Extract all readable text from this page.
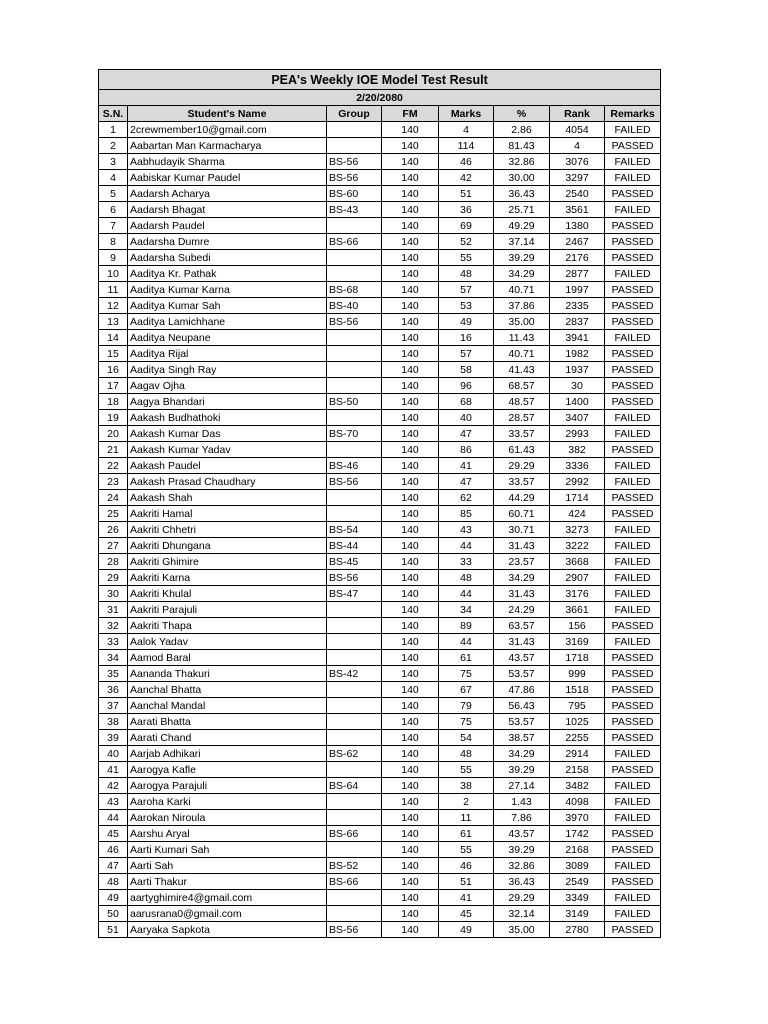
PEA's Weekly IOE Model Test Result							
2/20/2080							
S.N.	Student's Name	Group	FM	Marks	%	Rank	Remarks
1	2crewmember10@gmail.com		140	4	2.86	4054	FAILED
2	Aabartan Man Karmacharya		140	114	81.43	4	PASSED
3	Aabhudayik Sharma	BS-56	140	46	32.86	3076	FAILED
4	Aabiskar Kumar Paudel	BS-56	140	42	30.00	3297	FAILED
5	Aadarsh Acharya	BS-60	140	51	36.43	2540	PASSED
6	Aadarsh Bhagat	BS-43	140	36	25.71	3561	FAILED
7	Aadarsh Paudel		140	69	49.29	1380	PASSED
8	Aadarsha Dumre	BS-66	140	52	37.14	2467	PASSED
9	Aadarsha Subedi		140	55	39.29	2176	PASSED
10	Aaditya Kr. Pathak		140	48	34.29	2877	FAILED
11	Aaditya Kumar Karna	BS-68	140	57	40.71	1997	PASSED
12	Aaditya Kumar Sah	BS-40	140	53	37.86	2335	PASSED
13	Aaditya Lamichhane	BS-56	140	49	35.00	2837	PASSED
14	Aaditya Neupane		140	16	11.43	3941	FAILED
15	Aaditya Rijal		140	57	40.71	1982	PASSED
16	Aaditya Singh Ray		140	58	41.43	1937	PASSED
17	Aagav Ojha		140	96	68.57	30	PASSED
18	Aagya Bhandari	BS-50	140	68	48.57	1400	PASSED
19	Aakash Budhathoki		140	40	28.57	3407	FAILED
20	Aakash Kumar Das	BS-70	140	47	33.57	2993	FAILED
21	Aakash Kumar Yadav		140	86	61.43	382	PASSED
22	Aakash Paudel	BS-46	140	41	29.29	3336	FAILED
23	Aakash Prasad Chaudhary	BS-56	140	47	33.57	2992	FAILED
24	Aakash Shah		140	62	44.29	1714	PASSED
25	Aakriti Hamal		140	85	60.71	424	PASSED
26	Aakriti Chhetri	BS-54	140	43	30.71	3273	FAILED
27	Aakriti Dhungana	BS-44	140	44	31.43	3222	FAILED
28	Aakriti Ghimire	BS-45	140	33	23.57	3668	FAILED
29	Aakriti Karna	BS-56	140	48	34.29	2907	FAILED
30	Aakriti Khulal	BS-47	140	44	31.43	3176	FAILED
31	Aakriti Parajuli		140	34	24.29	3661	FAILED
32	Aakriti Thapa		140	89	63.57	156	PASSED
33	Aalok Yadav		140	44	31.43	3169	FAILED
34	Aamod Baral		140	61	43.57	1718	PASSED
35	Aananda Thakuri	BS-42	140	75	53.57	999	PASSED
36	Aanchal Bhatta		140	67	47.86	1518	PASSED
37	Aanchal Mandal		140	79	56.43	795	PASSED
38	Aarati Bhatta		140	75	53.57	1025	PASSED
39	Aarati Chand		140	54	38.57	2255	PASSED
40	Aarjab Adhikari	BS-62	140	48	34.29	2914	FAILED
41	Aarogya Kafle		140	55	39.29	2158	PASSED
42	Aarogya Parajuli	BS-64	140	38	27.14	3482	FAILED
43	Aaroha Karki		140	2	1.43	4098	FAILED
44	Aarokan Niroula		140	11	7.86	3970	FAILED
45	Aarshu Aryal	BS-66	140	61	43.57	1742	PASSED
46	Aarti Kumari Sah		140	55	39.29	2168	PASSED
47	Aarti Sah	BS-52	140	46	32.86	3089	FAILED
48	Aarti Thakur	BS-66	140	51	36.43	2549	PASSED
49	aartyghimire4@gmail.com		140	41	29.29	3349	FAILED
50	aarusrana0@gmail.com		140	45	32.14	3149	FAILED
51	Aaryaka Sapkota	BS-56	140	49	35.00	2780	PASSED
